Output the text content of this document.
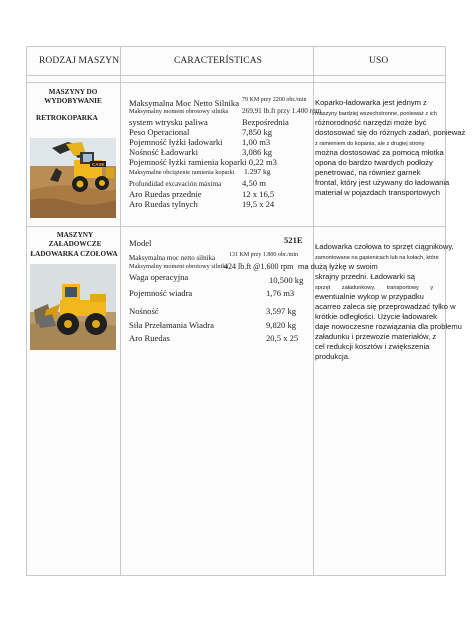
RODZAJ MASZYN	CARACTERÍSTICAS	USO
MASZYNY DO WYDOBYWANIE
RETROKOPARKA
CASE
Maksymalna Moc Netto Silnika 79 KM przy 2200 obr./min
Maksymalny moment obrotowy silnika 269,91 lb.ft przy 1.400 rpm
system wtrysku paliwa	Bezpośrednia
Peso Operacional	7,850 kg
Pojemność łyżki ładowarki 1,00 m3
Nośność Ładowarki	3,086 kg
Pojemność łyżki ramienia koparki 0,22 m3
Maksymalne obciążenie ramienia koparki 1.297 kg
Profundidad excavación máxima 4,50 m
Aro Ruedas przednie	12 x 16,5
Aro Ruedas tylnych	19,5 x 24
Koparko-ładowarka jest jednym z
maszyny bardziej wszechstronne, ponieważ z ich
różnorodność narzędzi może być
dostosować się do różnych zadań, ponieważ
z ramieniem do kopania, ale z drugiej strony
można dostosować za pomocą młotka
opona do bardzo twardych podłoży
penetrować, na równiez garnek
frontal, który jest używany do ładowania
materiał w pojazdach transportowych
MASZYNY ZAŁADOWCZE
ŁADOWARKA CZOŁOWA
Model	521E
Maksymalna moc netto silnika 131 KM przy 1.800 obr./min
Maksymalny moment obrotowy silnika
424 lb.ft @1.600 rpm
Waga operacyjna	10,500 kg
Pojemność wiadra	1,76 m3
Nośność	3,597 kg
Siła Przełamania Wiadra	9,820 kg
Aro Ruedas	20,5 x 25
Ładowarka czołowa to sprzęt ciągnikowy,
zamontowane na gąsienicach lub na kołach, które
ma dużą łyżkę w swoim
skrajny przedni. Ładowarki są
sprzęt załadunkowy, transportowy y
ewentualnie wykop w przypadku
acarreo zaleca się przeprowadzać tylko w
krótkie odległości. Użycie ładowarek
daje nowoczesne rozwiązania dla problemu
załadunku i przewozie materiałów, z
cel redukcji kosztów i zwiększenia
produkcja.
